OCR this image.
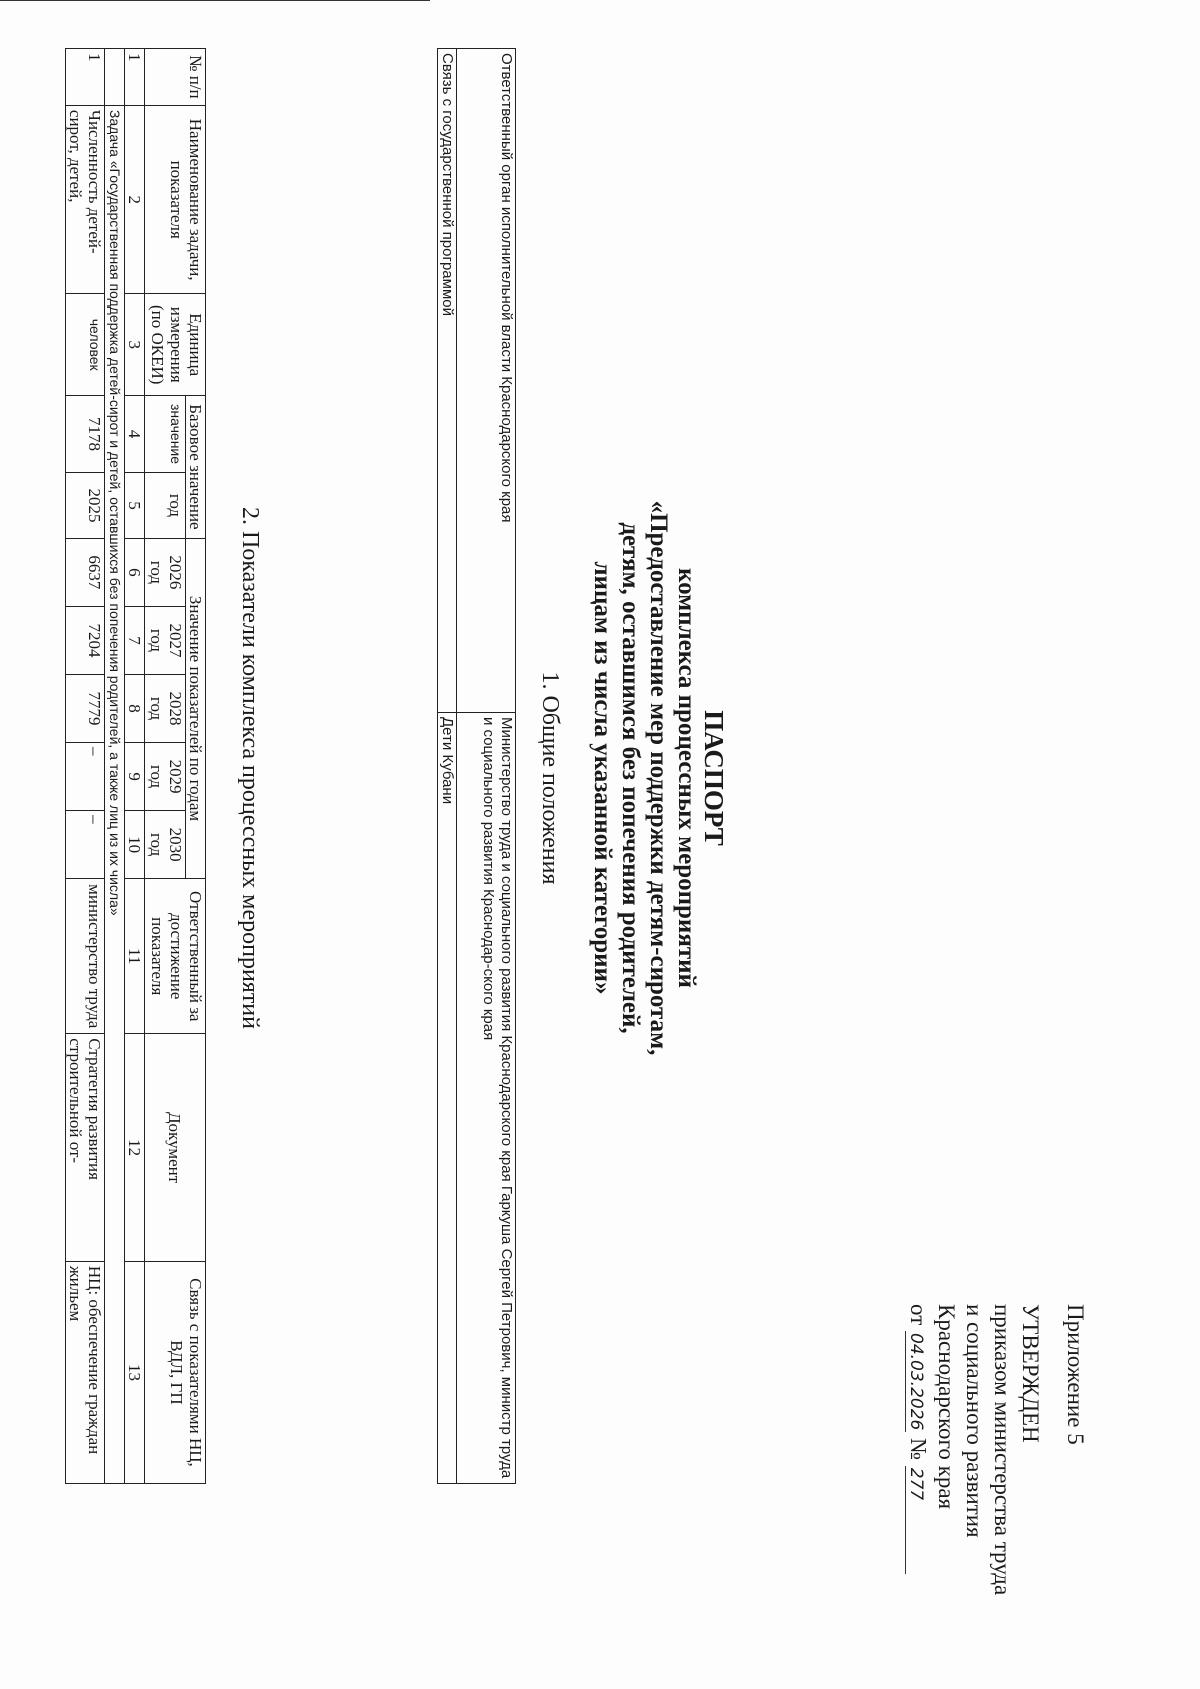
Приложение 5
УТВЕРЖДЕН
приказом министерства труда
и социального развития
Краснодарского края
от 04.03.2026 № 277
ПАСПОРТ
комплекса процессных мероприятий
«Предоставление мер поддержки детям-сиротам,
детям, оставшимся без попечения родителей,
лицам из числа указанной категории»
1. Общие положения
Ответственный орган исполнительной власти Краснодарского края	Министерство труда и социального развития Краснодарского края Гаркуша Сергей Петрович, министр труда и социального развития Краснодар-ского края
Связь с государственной программой	Дети Кубани
2. Показатели комплекса процессных мероприятий
№ п/п	Наименование задачи, показателя	Единица измерения (по ОКЕИ)	Базовое значение		Значение показателей по годам					Ответственный за достижение показателя	Документ	Связь с показателями НЦ, ВДЛ, ГП
			значение	год	2026 год	2027 год	2028 год	2029 год	2030 год			
1	2	3	4	5	6	7	8	9	10	11	12	13
	Задача «Государственная поддержка детей-сирот и детей, оставшихся без попечения родителей, а также лиц из их числа»											
1	Численность детей-сирот, детей,	человек	7178	2025	6637	7204	7779	–	–	министерство труда	Стратегия развития строительной от-	НЦ: обеспечение граждан жильем
